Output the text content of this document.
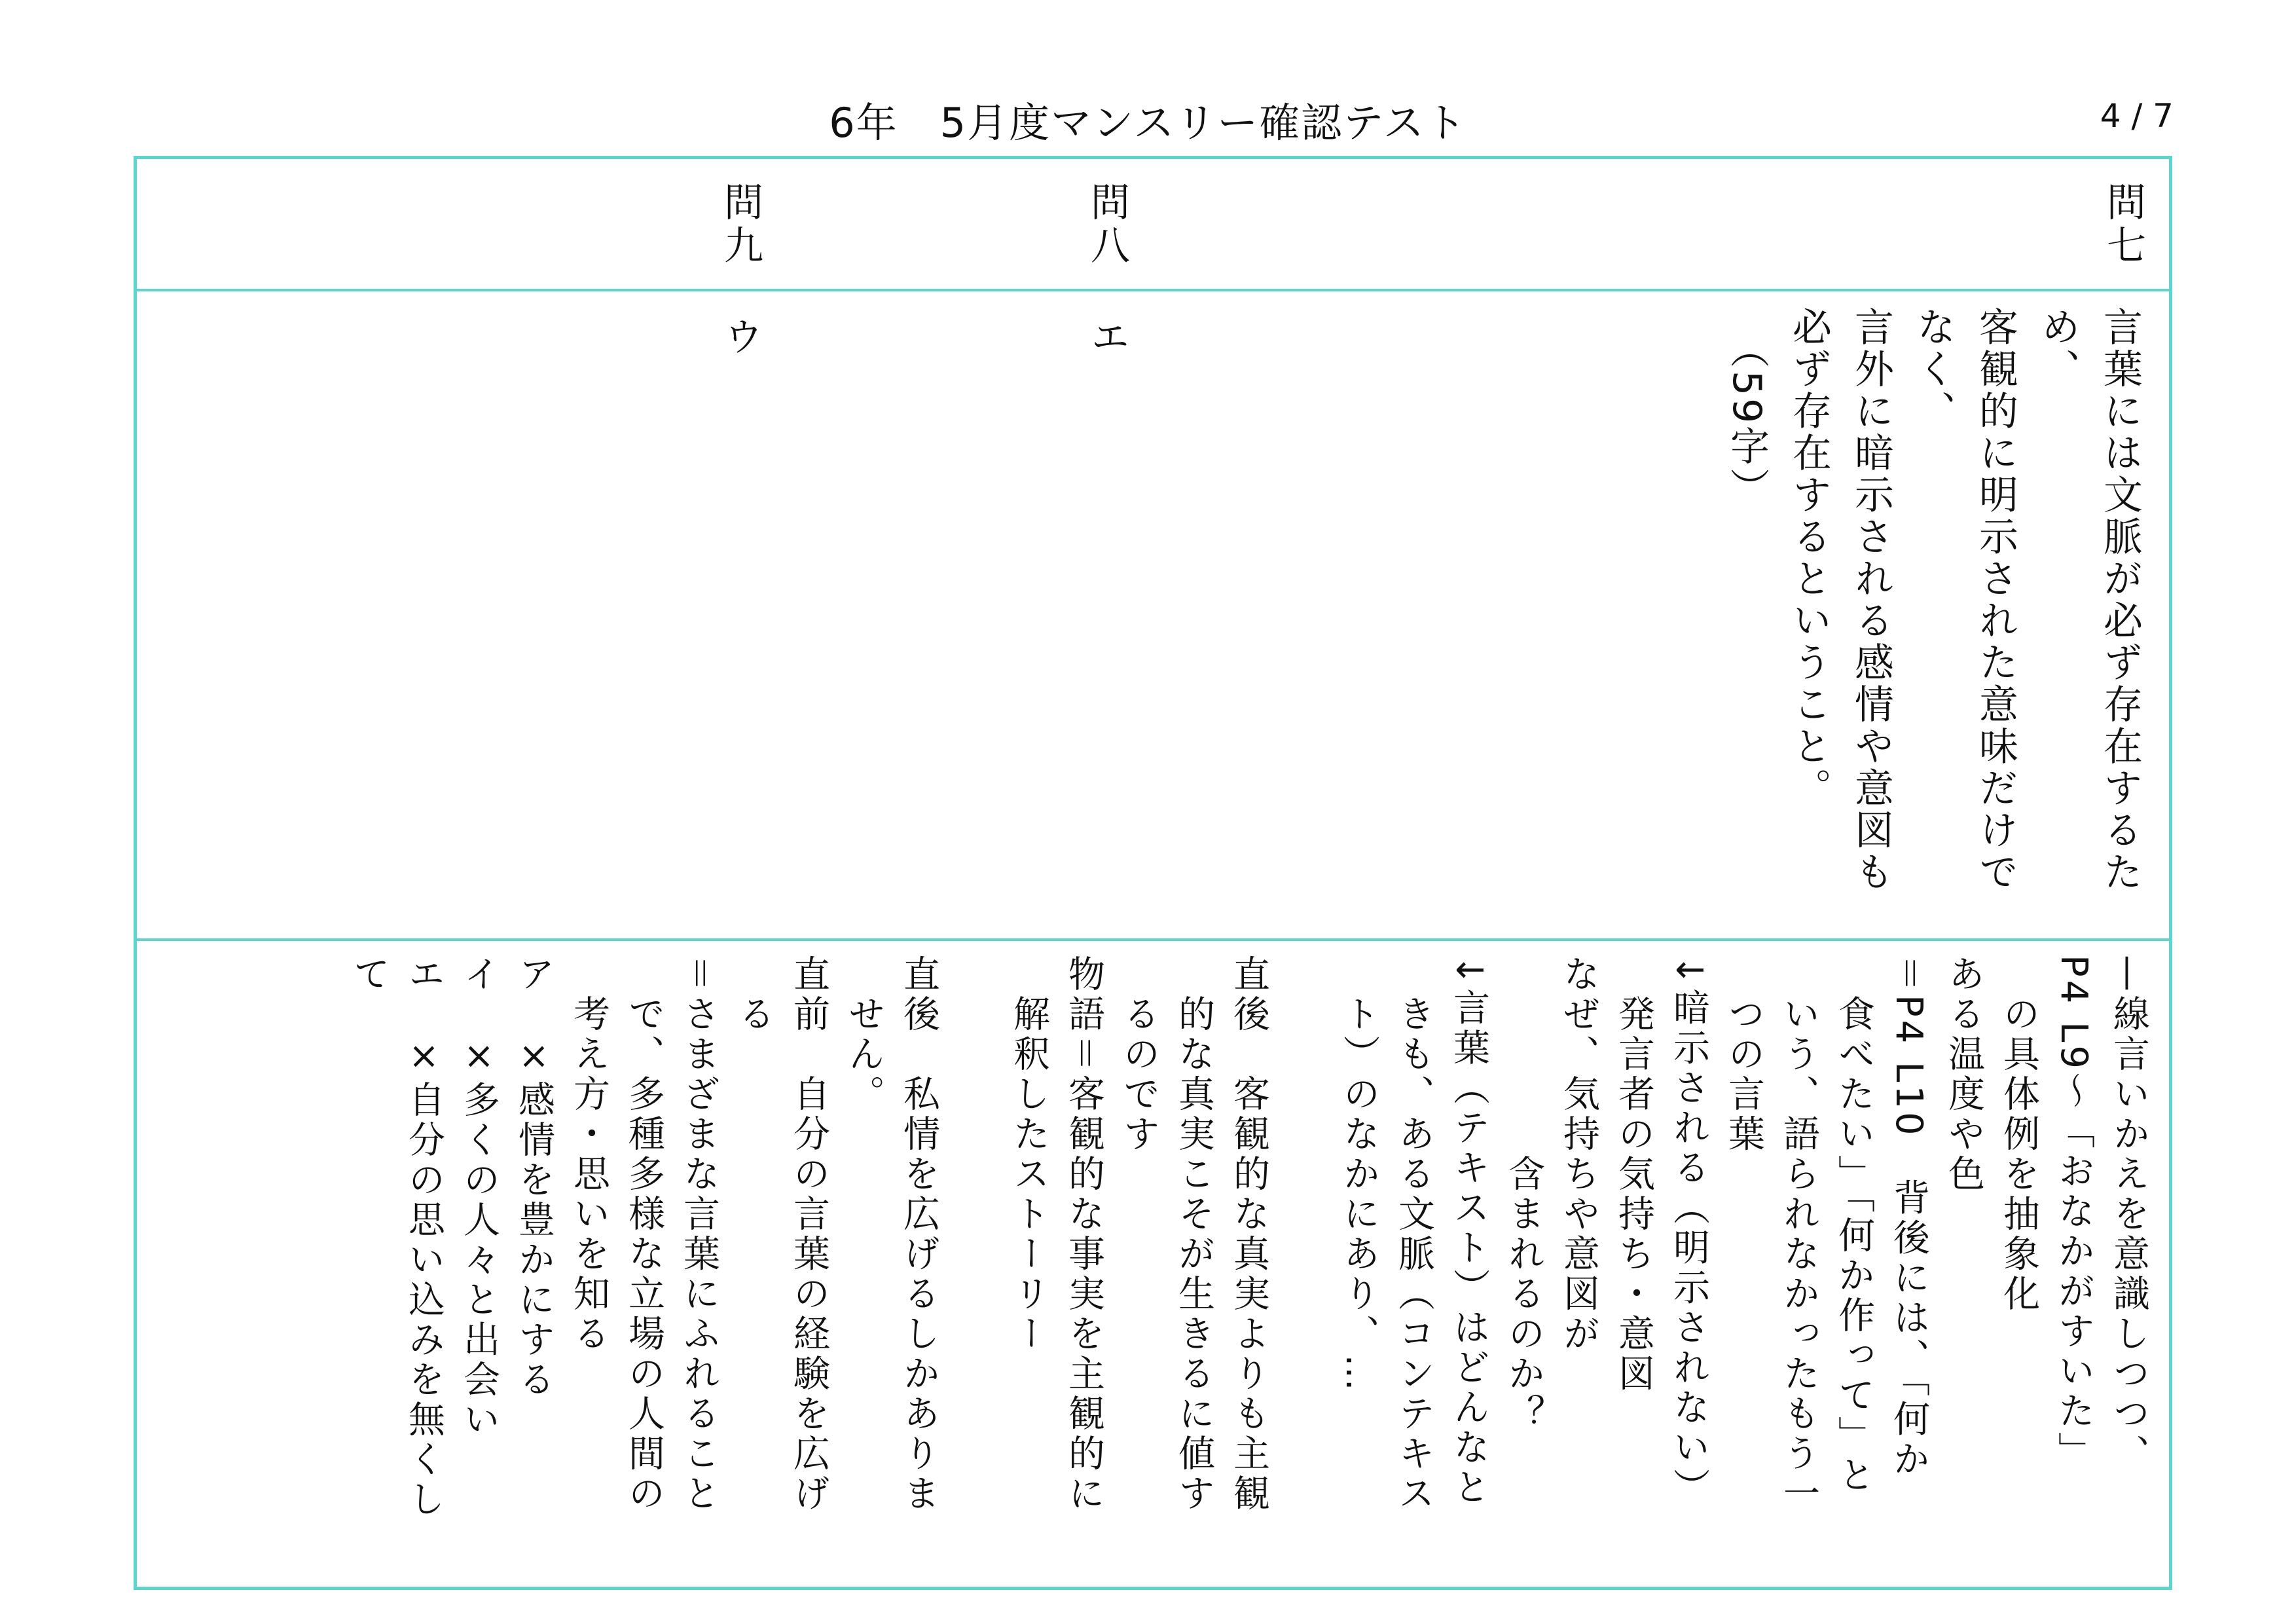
6年　5月度マンスリー確認テスト	4 / 7
問七
問八
問九
言葉には文脈が必ず存在するた
め、
客観的に明示された意味だけで
なく、
言外に暗示される感情や意図も
必ず存在するということ。
　（59字）
エ
ウ
—線言いかえを意識しつつ、
P4 L9〜「おなかがすいた」
　の具体例を抽象化
ある温度や色
＝P4 L10　背後には、「何か
　食べたい」「何か作って」と
　いう、語られなかったもう一
　つの言葉
↓暗示される（明示されない）
　発言者の気持ち・意図
なぜ、気持ちや意図が
　　　　　含まれるのか？
↓言葉（テキスト）はどんなと
　きも、ある文脈（コンテキス
　ト）のなかにあり、…

直後　客観的な真実よりも主観
　的な真実こそが生きるに値す
　るのです
物語＝客観的な事実を主観的に
　解釈したストーリー

直後　私情を広げるしかありま
　せん。
直前　自分の言葉の経験を広げ
　る
＝さまざまな言葉にふれること
　で、多種多様な立場の人間の
　考え方・思いを知る
ア　×感情を豊かにする
イ　×多くの人々と出会い
エ　×自分の思い込みを無くし
て
